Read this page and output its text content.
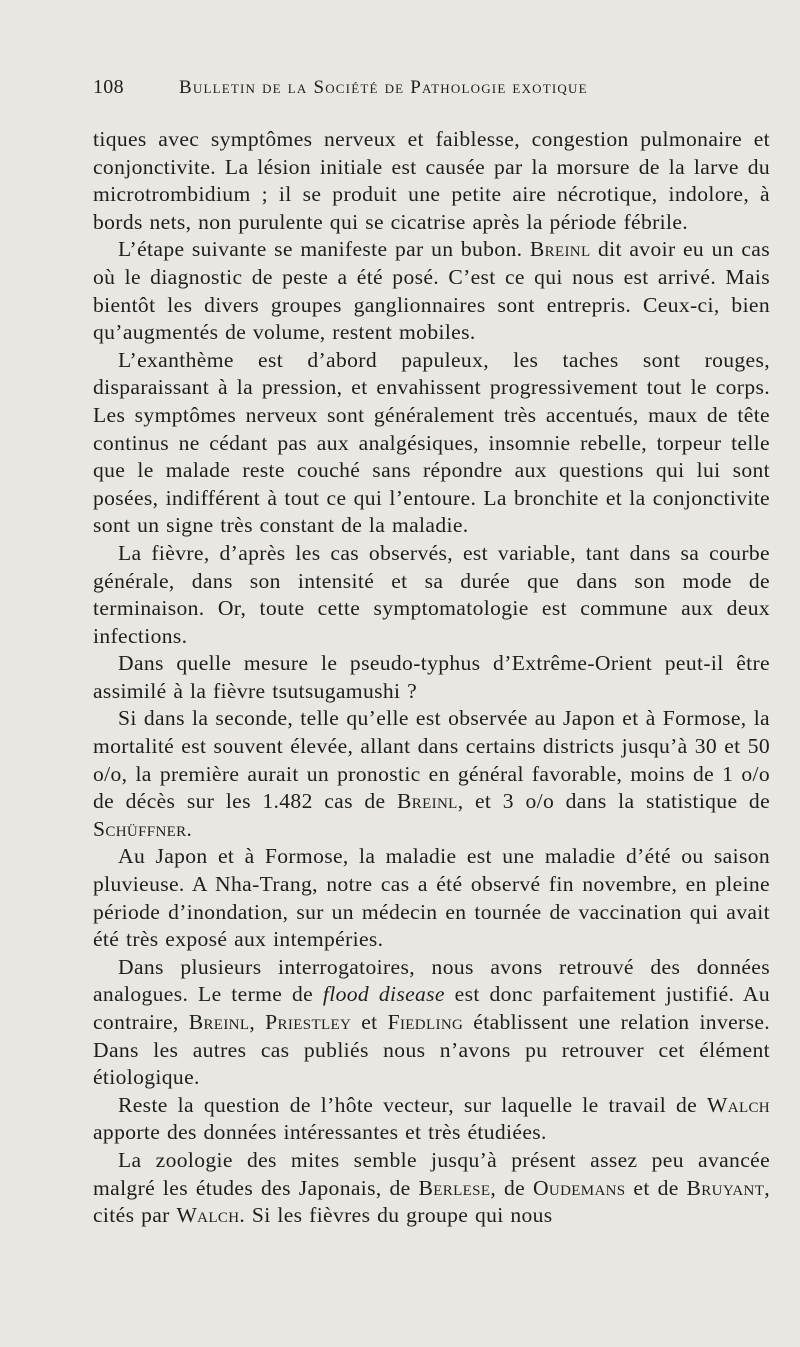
108	Bulletin de la Société de Pathologie exotique

tiques avec symptômes nerveux et faiblesse, congestion pulmonaire et conjonctivite. La lésion initiale est causée par la morsure de la larve du microtrombidium ; il se produit une petite aire nécrotique, indolore, à bords nets, non purulente qui se cicatrise après la période fébrile.

L’étape suivante se manifeste par un bubon. Breinl dit avoir eu un cas où le diagnostic de peste a été posé. C’est ce qui nous est arrivé. Mais bientôt les divers groupes ganglionnaires sont entrepris. Ceux-ci, bien qu’augmentés de volume, restent mobiles.

L’exanthème est d’abord papuleux, les taches sont rouges, disparaissant à la pression, et envahissent progressivement tout le corps. Les symptômes nerveux sont généralement très accentués, maux de tête continus ne cédant pas aux analgésiques, insomnie rebelle, torpeur telle que le malade reste couché sans répondre aux questions qui lui sont posées, indifférent à tout ce qui l’entoure. La bronchite et la conjonctivite sont un signe très constant de la maladie.

La fièvre, d’après les cas observés, est variable, tant dans sa courbe générale, dans son intensité et sa durée que dans son mode de terminaison. Or, toute cette symptomatologie est commune aux deux infections.

Dans quelle mesure le pseudo-typhus d’Extrême-Orient peut-il être assimilé à la fièvre tsutsugamushi ?

Si dans la seconde, telle qu’elle est observée au Japon et à Formose, la mortalité est souvent élevée, allant dans certains districts jusqu’à 30 et 50 o/o, la première aurait un pronostic en général favorable, moins de 1 o/o de décès sur les 1.482 cas de Breinl, et 3 o/o dans la statistique de Schüffner.

Au Japon et à Formose, la maladie est une maladie d’été ou saison pluvieuse. A Nha-Trang, notre cas a été observé fin novembre, en pleine période d’inondation, sur un médecin en tournée de vaccination qui avait été très exposé aux intempéries.

Dans plusieurs interrogatoires, nous avons retrouvé des données analogues. Le terme de flood disease est donc parfaitement justifié. Au contraire, Breinl, Priestley et Fiedling établissent une relation inverse. Dans les autres cas publiés nous n’avons pu retrouver cet élément étiologique.

Reste la question de l’hôte vecteur, sur laquelle le travail de Walch apporte des données intéressantes et très étudiées.

La zoologie des mites semble jusqu’à présent assez peu avancée malgré les études des Japonais, de Berlese, de Oudemans et de Bruyant, cités par Walch. Si les fièvres du groupe qui nous
